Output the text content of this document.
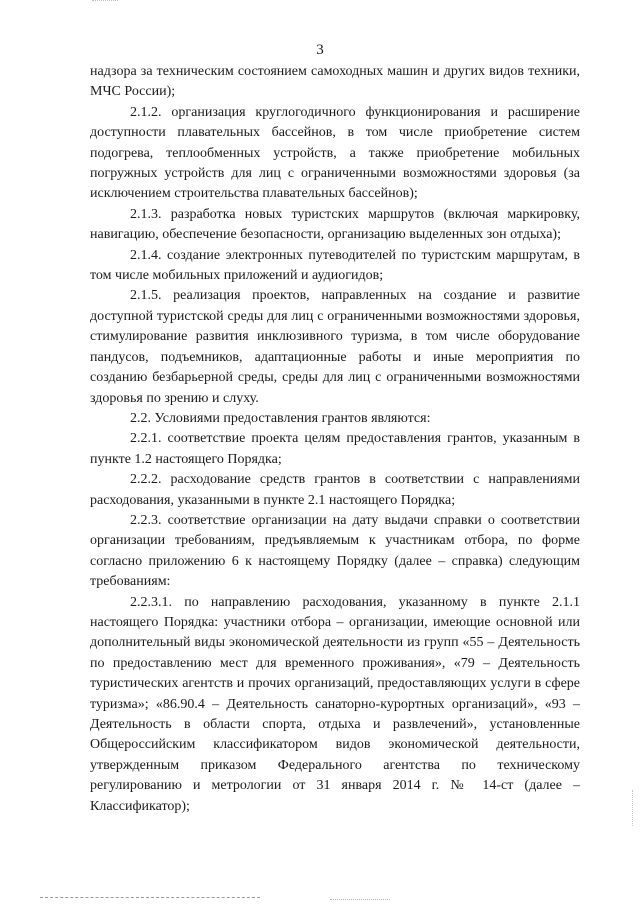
3

надзора за техническим состоянием самоходных машин и других видов техники, МЧС России);

2.1.2. организация круглогодичного функционирования и расширение доступности плавательных бассейнов, в том числе приобретение систем подогрева, теплообменных устройств, а также приобретение мобильных погружных устройств для лиц с ограниченными возможностями здоровья (за исключением строительства плавательных бассейнов);

2.1.3. разработка новых туристских маршрутов (включая маркировку, навигацию, обеспечение безопасности, организацию выделенных зон отдыха);

2.1.4. создание электронных путеводителей по туристским маршрутам, в том числе мобильных приложений и аудиогидов;

2.1.5. реализация проектов, направленных на создание и развитие доступной туристской среды для лиц с ограниченными возможностями здоровья, стимулирование развития инклюзивного туризма, в том числе оборудование пандусов, подъемников, адаптационные работы и иные мероприятия по созданию безбарьерной среды, среды для лиц с ограниченными возможностями здоровья по зрению и слуху.

2.2. Условиями предоставления грантов являются:

2.2.1. соответствие проекта целям предоставления грантов, указанным в пункте 1.2 настоящего Порядка;

2.2.2. расходование средств грантов в соответствии с направлениями расходования, указанными в пункте 2.1 настоящего Порядка;

2.2.3. соответствие организации на дату выдачи справки о соответствии организации требованиям, предъявляемым к участникам отбора, по форме согласно приложению 6 к настоящему Порядку (далее – справка) следующим требованиям:

2.2.3.1. по направлению расходования, указанному в пункте 2.1.1 настоящего Порядка: участники отбора – организации, имеющие основной или дополнительный виды экономической деятельности из групп «55 – Деятельность по предоставлению мест для временного проживания», «79 – Деятельность туристических агентств и прочих организаций, предоставляющих услуги в сфере туризма»; «86.90.4 – Деятельность санаторно-курортных организаций», «93 – Деятельность в области спорта, отдыха и развлечений», установленные Общероссийским классификатором видов экономической деятельности, утвержденным приказом Федерального агентства по техническому регулированию и метрологии от 31 января 2014 г. № 14-ст (далее – Классификатор);
